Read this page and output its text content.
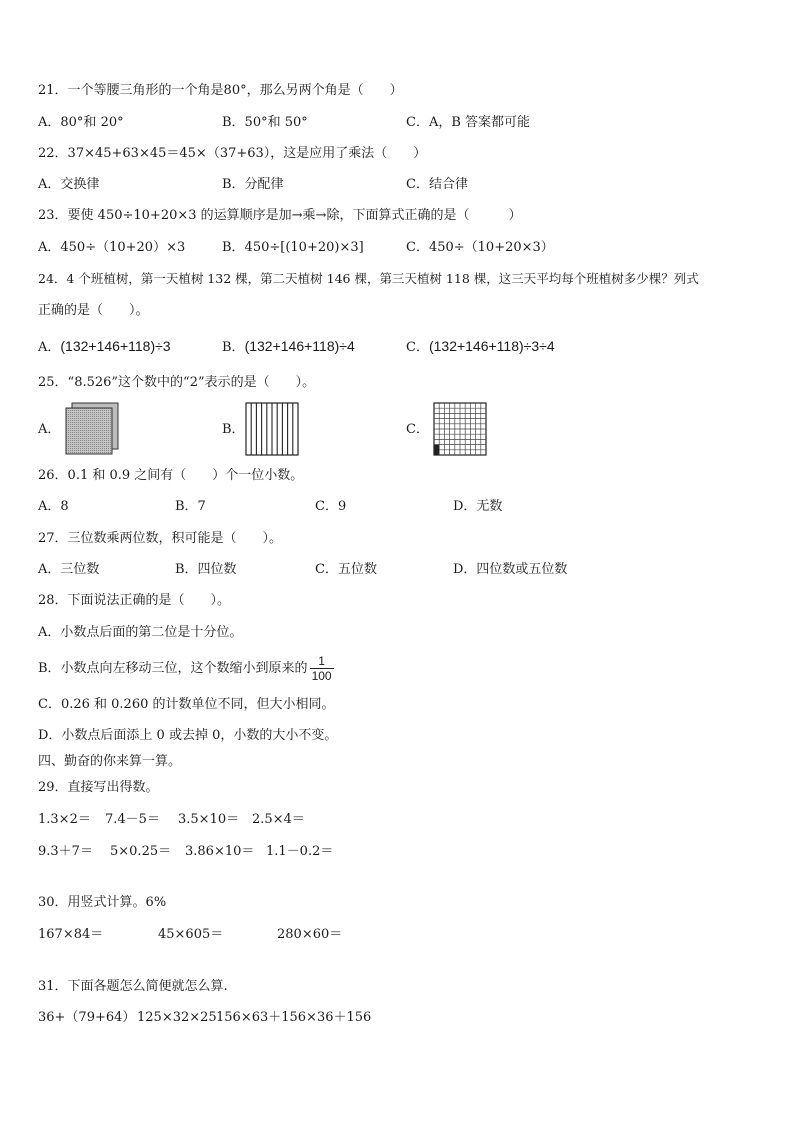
21．一个等腰三角形的一个角是80°，那么另两个角是（　　）
A．80°和 20°	B．50°和 50°	C．A，B 答案都可能
22．37×45+63×45＝45×（37+63），这是应用了乘法（　　）
A．交换律	B．分配律	C．结合律
23．要使 450÷10+20×3 的运算顺序是加→乘→除，下面算式正确的是（　　　）
A．450÷（10+20）×3	B．450÷[(10+20)×3]	C．450÷（10+20×3）
24．4 个班植树，第一天植树 132 棵，第二天植树 146 棵，第三天植树 118 棵，这三天平均每个班植树多少棵？列式
正确的是（　　）。
A．(132+146+118)÷3	B．(132+146+118)÷4	C．(132+146+118)÷3÷4
25．“8.526”这个数中的“2”表示的是（　　）。
A．	B．	C．
26．0.1 和 0.9 之间有（　　）个一位小数。
A．8	B．7	C．9	D．无数
27．三位数乘两位数，积可能是（　　）。
A．三位数	B．四位数	C．五位数	D．四位数或五位数
28．下面说法正确的是（　　）。
A．小数点后面的第二位是十分位。
B．小数点向左移动三位，这个数缩小到原来的 $\frac{1}{100}$
C．0.26 和 0.260 的计数单位不同，但大小相同。
D．小数点后面添上 0 或去掉 0，小数的大小不变。
四、勤奋的你来算一算。
29．直接写出得数。
1.3×2＝ 7.4－5＝ 3.5×10＝ 2.5×4＝
9.3＋7＝ 5×0.25＝ 3.86×10＝ 1.1－0.2＝
30．用竖式计算。6%
167×84＝	45×605＝	280×60＝
31．下面各题怎么简便就怎么算.
36+（79+64） 125×32×25 156×63＋156×36＋156
